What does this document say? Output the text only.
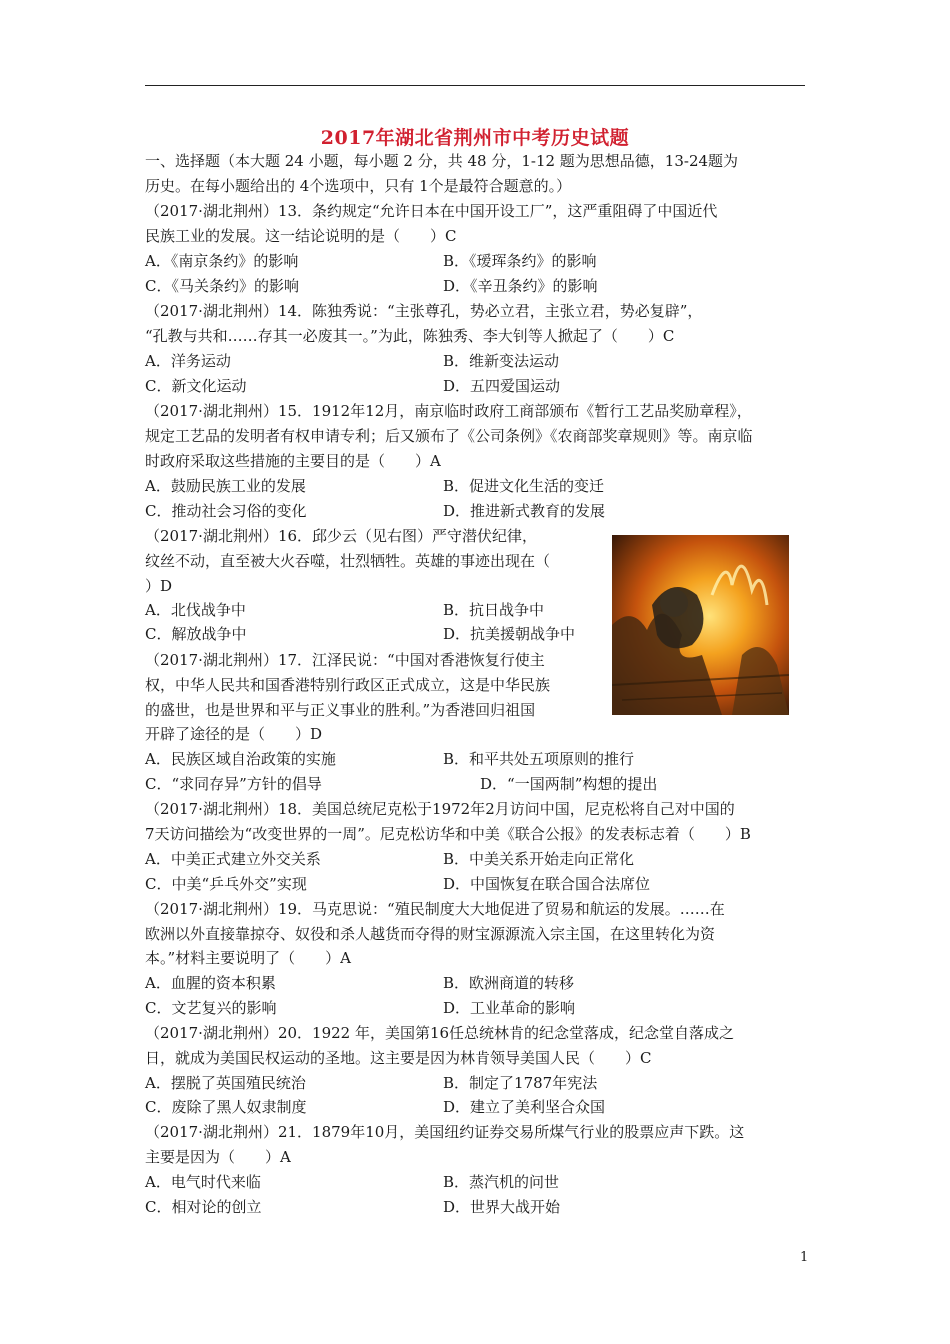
2017年湖北省荆州市中考历史试题
一、选择题（本大题 24 小题，每小题 2 分，共 48 分，1-12 题为思想品德，13-24题为
历史。在每小题给出的 4个选项中，只有 1个是最符合题意的。）
（2017·湖北荆州）13．条约规定“允许日本在中国开设工厂”，这严重阻碍了中国近代
民族工业的发展。这一结论说明的是（　　）C
A．《南京条约》的影响	B．《瑷珲条约》的影响
C．《马关条约》的影响	D．《辛丑条约》的影响
（2017·湖北荆州）14．陈独秀说：“主张尊孔，势必立君，主张立君，势必复辟”，
“孔教与共和……存其一必废其一。”为此，陈独秀、李大钊等人掀起了（　　）C
A．洋务运动	B．维新变法运动
C．新文化运动	D．五四爱国运动
（2017·湖北荆州）15．1912年12月，南京临时政府工商部颁布《暂行工艺品奖励章程》，
规定工艺品的发明者有权申请专利；后又颁布了《公司条例》《农商部奖章规则》等。南京临
时政府采取这些措施的主要目的是（　　）A
A．鼓励民族工业的发展	B．促进文化生活的变迁
C．推动社会习俗的变化	D．推进新式教育的发展
（2017·湖北荆州）16．邱少云（见右图）严守潜伏纪律，
纹丝不动，直至被大火吞噬，壮烈牺牲。英雄的事迹出现在（
）D
A．北伐战争中	B．抗日战争中
C．解放战争中	D．抗美援朝战争中
（2017·湖北荆州）17．江泽民说：“中国对香港恢复行使主
权，中华人民共和国香港特别行政区正式成立，这是中华民族
的盛世，也是世界和平与正义事业的胜利。”为香港回归祖国
开辟了途径的是（　　）D
A．民族区域自治政策的实施	B．和平共处五项原则的推行
C．“求同存异”方针的倡导	D．“一国两制”构想的提出
（2017·湖北荆州）18．美国总统尼克松于1972年2月访问中国，尼克松将自己对中国的
7天访问描绘为“改变世界的一周”。尼克松访华和中美《联合公报》的发表标志着（　　）B
A．中美正式建立外交关系	B．中美关系开始走向正常化
C．中美“乒乓外交”实现	D．中国恢复在联合国合法席位
（2017·湖北荆州）19．马克思说：“殖民制度大大地促进了贸易和航运的发展。……在
欧洲以外直接靠掠夺、奴役和杀人越货而夺得的财宝源源流入宗主国，在这里转化为资
本。”材料主要说明了（　　）A
A．血腥的资本积累	B．欧洲商道的转移
C．文艺复兴的影响	D．工业革命的影响
（2017·湖北荆州）20．1922 年，美国第16任总统林肯的纪念堂落成，纪念堂自落成之
日，就成为美国民权运动的圣地。这主要是因为林肯领导美国人民（　　）C
A．摆脱了英国殖民统治	B．制定了1787年宪法
C．废除了黑人奴隶制度	D．建立了美利坚合众国
（2017·湖北荆州）21．1879年10月，美国纽约证券交易所煤气行业的股票应声下跌。这
主要是因为（　　）A
A．电气时代来临	B．蒸汽机的问世
C．相对论的创立	D．世界大战开始
1
